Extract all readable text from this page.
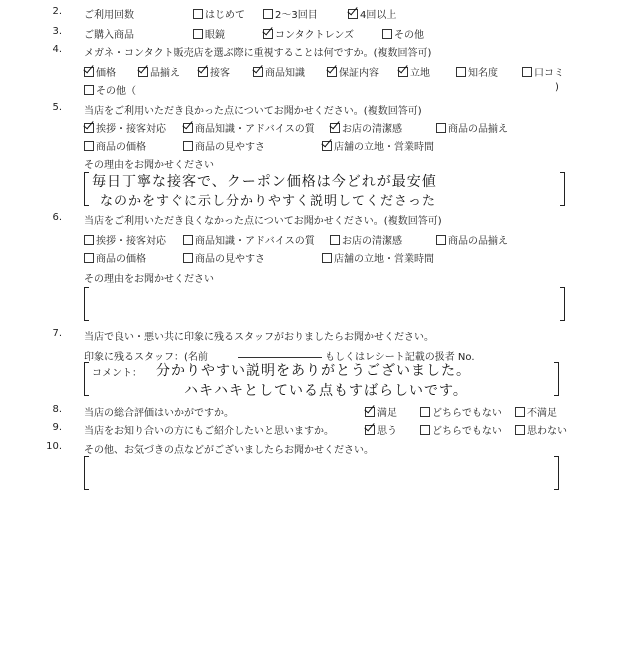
2. ご利用回数	はじめて	2～3回目	4回以上
3. ご購入商品	眼鏡	コンタクトレンズ	その他
4. メガネ・コンタクト販売店を選ぶ際に重視することは何ですか。(複数回答可)
価格	品揃え	接客	商品知識	保証内容	立地	知名度	口コミ
その他（	)
5. 当店をご利用いただき良かった点についてお聞かせください。(複数回答可)
挨拶・接客対応	商品知識・アドバイスの質	お店の清潔感	商品の品揃え
商品の価格	商品の見やすさ	店舗の立地・営業時間
その理由をお聞かせください
毎日丁寧な接客で、クーポン価格は今どれが最安値
なのかをすぐに示し分かりやすく説明してくださった
6. 当店をご利用いただき良くなかった点についてお聞かせください。(複数回答可)
挨拶・接客対応	商品知識・アドバイスの質	お店の清潔感	商品の品揃え
商品の価格	商品の見やすさ	店舗の立地・営業時間
その理由をお聞かせください
7. 当店で良い・悪い共に印象に残るスタッフがおりましたらお聞かせください。
印象に残るスタッフ：(名前	もしくはレシート記載の扱者 No.
コメント： 分かりやすい説明をありがとうございました。
ハキハキとしている点もすばらしいです。
8. 当店の総合評価はいかがですか。	満足	どちらでもない	不満足
9. 当店をお知り合いの方にもご紹介したいと思いますか。	思う	どちらでもない	思わない
10. その他、お気づきの点などがございましたらお聞かせください。
